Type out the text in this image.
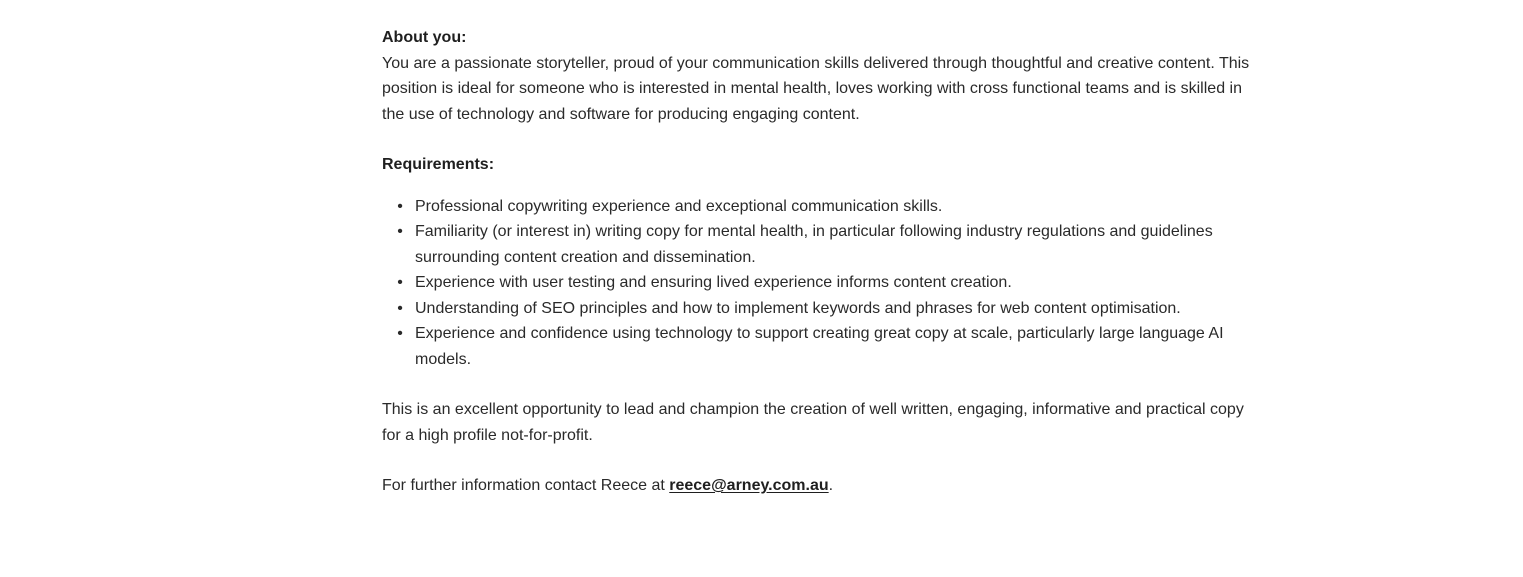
About you:

You are a passionate storyteller, proud of your communication skills delivered through thoughtful and creative content. This position is ideal for someone who is interested in mental health, loves working with cross functional teams and is skilled in the use of technology and software for producing engaging content.

Requirements:

• Professional copywriting experience and exceptional communication skills.
• Familiarity (or interest in) writing copy for mental health, in particular following industry regulations and guidelines surrounding content creation and dissemination.
• Experience with user testing and ensuring lived experience informs content creation.
• Understanding of SEO principles and how to implement keywords and phrases for web content optimisation.
• Experience and confidence using technology to support creating great copy at scale, particularly large language AI models.

This is an excellent opportunity to lead and champion the creation of well written, engaging, informative and practical copy for a high profile not-for-profit.

For further information contact Reece at reece@arney.com.au.
